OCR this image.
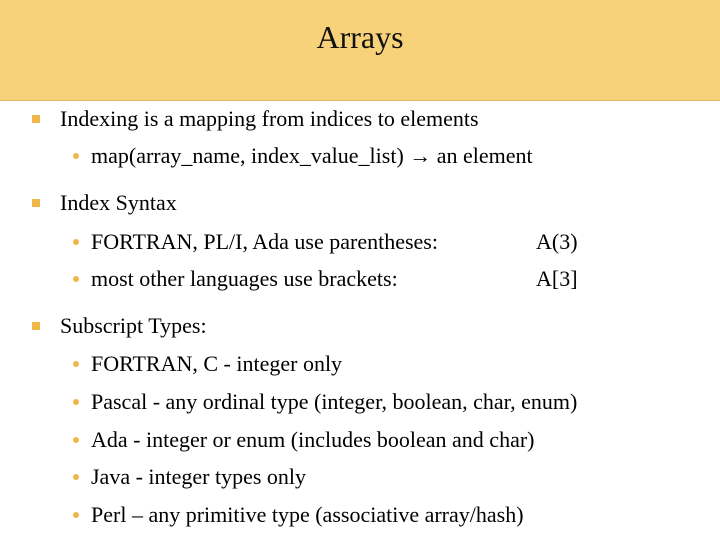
Arrays
Indexing is a mapping from indices to elements
map(array_name, index_value_list) → an element
Index Syntax
FORTRAN, PL/I, Ada use parentheses:	A(3)
most other languages use brackets:	A[3]
Subscript Types:
FORTRAN, C - integer only
Pascal - any ordinal type (integer, boolean, char, enum)
Ada - integer or enum (includes boolean and char)
Java - integer types only
Perl – any primitive type (associative array/hash)
